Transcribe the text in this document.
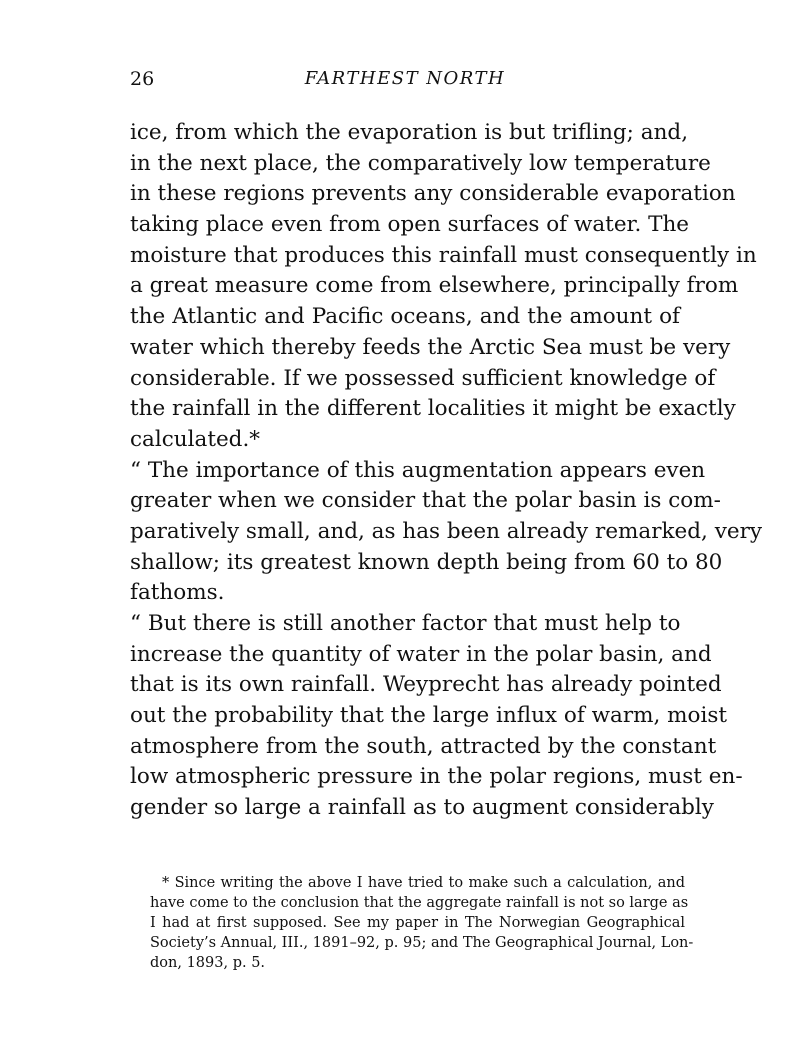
26	FARTHEST NORTH
ice, from which the evaporation is but trifling; and,
in the next place, the comparatively low temperature
in these regions prevents any considerable evaporation
taking place even from open surfaces of water. The
moisture that produces this rainfall must consequently in
a great measure come from elsewhere, principally from
the Atlantic and Pacific oceans, and the amount of
water which thereby feeds the Arctic Sea must be very
considerable. If we possessed sufficient knowledge of
the rainfall in the different localities it might be exactly
calculated.*
“ The importance of this augmentation appears even
greater when we consider that the polar basin is com-
paratively small, and, as has been already remarked, very
shallow; its greatest known depth being from 60 to 80
fathoms.
“ But there is still another factor that must help to
increase the quantity of water in the polar basin, and
that is its own rainfall. Weyprecht has already pointed
out the probability that the large influx of warm, moist
atmosphere from the south, attracted by the constant
low atmospheric pressure in the polar regions, must en-
gender so large a rainfall as to augment considerably
* Since writing the above I have tried to make such a calculation, and
have come to the conclusion that the aggregate rainfall is not so large as
I had at first supposed. See my paper in The Norwegian Geographical
Society’s Annual, III., 1891–92, p. 95; and The Geographical Journal, Lon-
don, 1893, p. 5.
